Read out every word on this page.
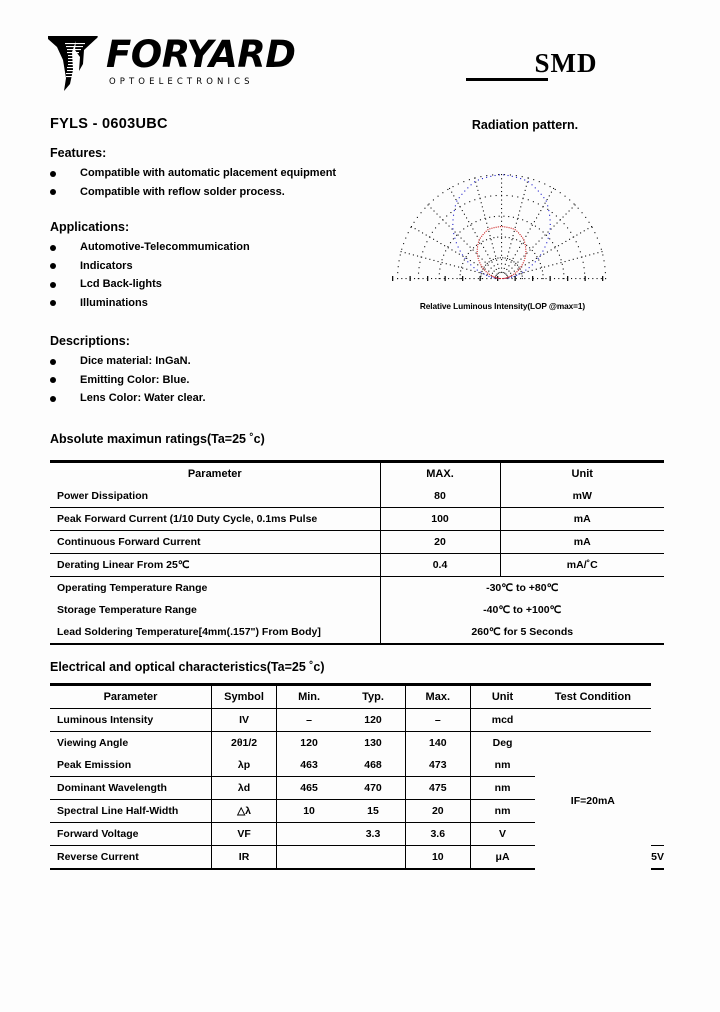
FORYARD
OPTOELECTRONICS
SMD
FYLS - 0603UBC	Radiation pattern.
Features:
Compatible with automatic placement equipment
Compatible with reflow solder process.
Applications:
Automotive-Telecommumication
Indicators
Lcd Back-lights
Illuminations
Descriptions:
Dice material: InGaN.
Emitting Color: Blue.
Lens Color: Water clear.
Relative Luminous Intensity(LOP @max=1)
Absolute maximun ratings(Ta=25 ˚c)
Parameter	MAX.	Unit
Power Dissipation	80	mW
Peak Forward Current (1/10 Duty Cycle, 0.1ms Pulse	100	mA
Continuous Forward Current	20	mA
Derating Linear From 25℃	0.4	mA/˚C
Operating Temperature Range	-30℃ to +80℃	
Storage Temperature Range	-40℃ to +100℃	
Lead Soldering Temperature[4mm(.157") From Body]	260℃ for 5 Seconds	
Electrical and optical characteristics(Ta=25 ˚c)
Parameter	Symbol	Min.	Typ.	Max.	Unit	Test Condition	
Luminous Intensity	IV	–	120	–	mcd		
Viewing Angle	2θ1/2	120	130	140	Deg	IF=20mA	
Peak Emission	λp	463	468	473	nm		
Dominant Wavelength	λd	465	470	475	nm		
Spectral Line Half-Width	△λ	10	15	20	nm		
Forward Voltage	VF		3.3	3.6	V		
Reverse Current	IR			10	μA		5V
